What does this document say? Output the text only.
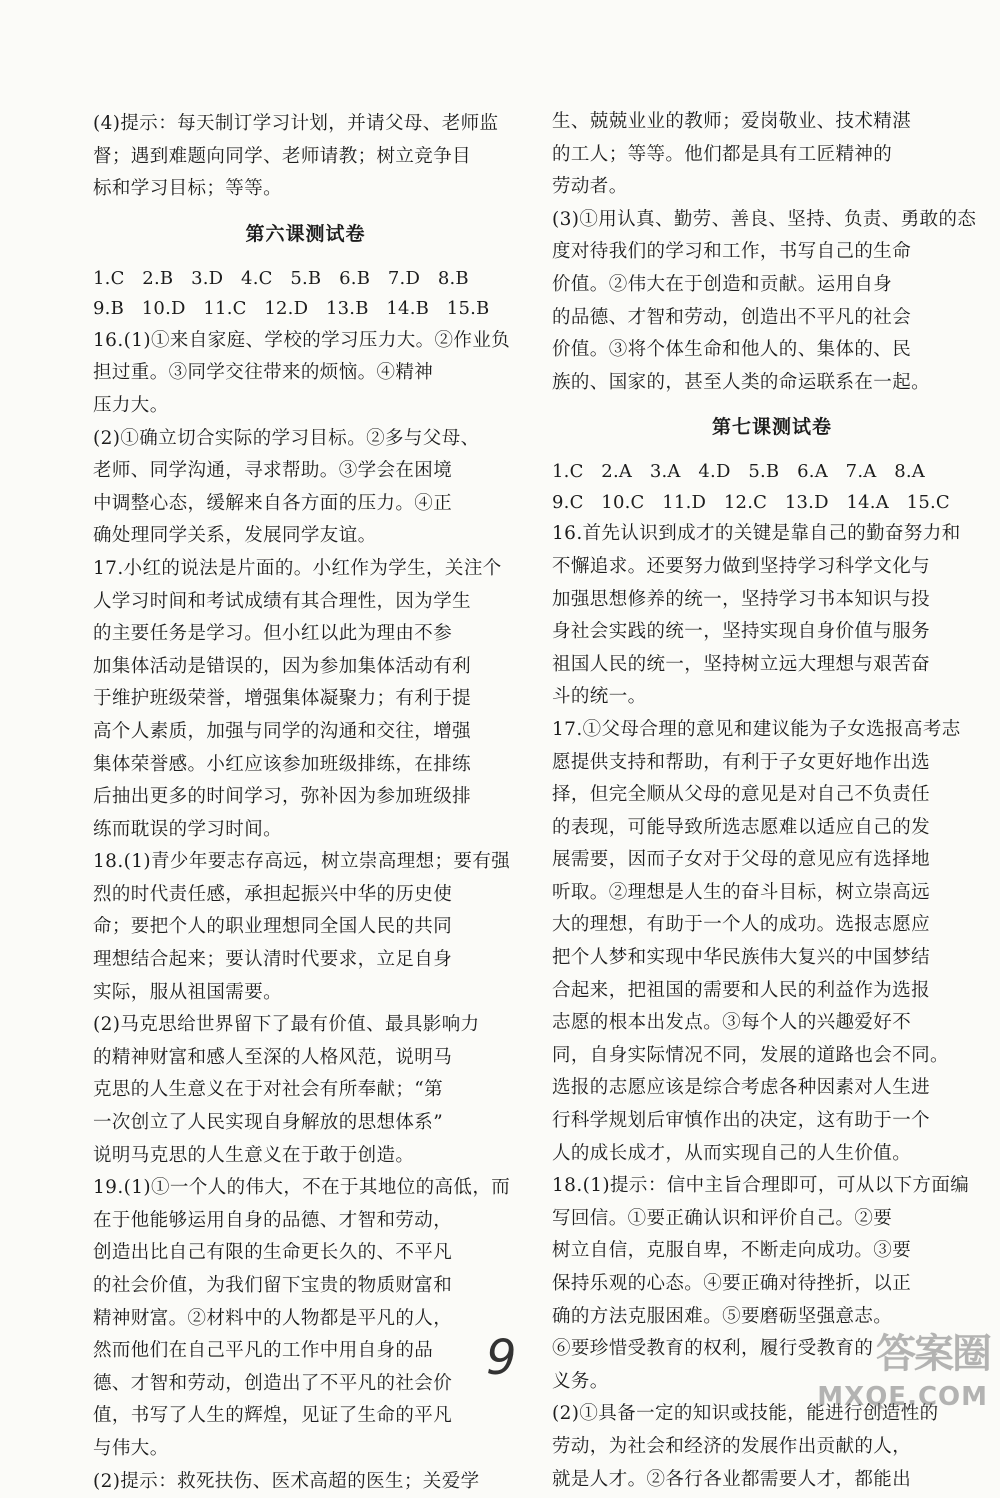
(4)提示：每天制订学习计划，并请父母、老师监
督；遇到难题向同学、老师请教；树立竞争目
标和学习目标；等等。

第六课测试卷

1.C   2.B   3.D   4.C   5.B   6.B   7.D   8.B

9.B   10.D   11.C   12.D   13.B   14.B   15.B

16.(1)①来自家庭、学校的学习压力大。②作业负
担过重。③同学交往带来的烦恼。④精神
压力大。

(2)①确立切合实际的学习目标。②多与父母、
老师、同学沟通，寻求帮助。③学会在困境
中调整心态，缓解来自各方面的压力。④正
确处理同学关系，发展同学友谊。

17.小红的说法是片面的。小红作为学生，关注个
人学习时间和考试成绩有其合理性，因为学生
的主要任务是学习。但小红以此为理由不参
加集体活动是错误的，因为参加集体活动有利
于维护班级荣誉，增强集体凝聚力；有利于提
高个人素质，加强与同学的沟通和交往，增强
集体荣誉感。小红应该参加班级排练，在排练
后抽出更多的时间学习，弥补因为参加班级排
练而耽误的学习时间。

18.(1)青少年要志存高远，树立崇高理想；要有强
烈的时代责任感，承担起振兴中华的历史使
命；要把个人的职业理想同全国人民的共同
理想结合起来；要认清时代要求，立足自身
实际，服从祖国需要。

(2)马克思给世界留下了最有价值、最具影响力
的精神财富和感人至深的人格风范，说明马
克思的人生意义在于对社会有所奉献；“第
一次创立了人民实现自身解放的思想体系”
说明马克思的人生意义在于敢于创造。

19.(1)①一个人的伟大，不在于其地位的高低，而
在于他能够运用自身的品德、才智和劳动，
创造出比自己有限的生命更长久的、不平凡
的社会价值，为我们留下宝贵的物质财富和
精神财富。②材料中的人物都是平凡的人，
然而他们在自己平凡的工作中用自身的品
德、才智和劳动，创造出了不平凡的社会价
值，书写了人生的辉煌，见证了生命的平凡
与伟大。

(2)提示：救死扶伤、医术高超的医生；关爱学

生、兢兢业业的教师；爱岗敬业、技术精湛
的工人；等等。他们都是具有工匠精神的
劳动者。

(3)①用认真、勤劳、善良、坚持、负责、勇敢的态
度对待我们的学习和工作，书写自己的生命
价值。②伟大在于创造和贡献。运用自身
的品德、才智和劳动，创造出不平凡的社会
价值。③将个体生命和他人的、集体的、民
族的、国家的，甚至人类的命运联系在一起。

第七课测试卷

1.C   2.A   3.A   4.D   5.B   6.A   7.A   8.A

9.C   10.C   11.D   12.C   13.D   14.A   15.C

16.首先认识到成才的关键是靠自己的勤奋努力和
不懈追求。还要努力做到坚持学习科学文化与
加强思想修养的统一，坚持学习书本知识与投
身社会实践的统一，坚持实现自身价值与服务
祖国人民的统一，坚持树立远大理想与艰苦奋
斗的统一。

17.①父母合理的意见和建议能为子女选报高考志
愿提供支持和帮助，有利于子女更好地作出选
择，但完全顺从父母的意见是对自己不负责任
的表现，可能导致所选志愿难以适应自己的发
展需要，因而子女对于父母的意见应有选择地
听取。②理想是人生的奋斗目标，树立崇高远
大的理想，有助于一个人的成功。选报志愿应
把个人梦和实现中华民族伟大复兴的中国梦结
合起来，把祖国的需要和人民的利益作为选报
志愿的根本出发点。③每个人的兴趣爱好不
同，自身实际情况不同，发展的道路也会不同。
选报的志愿应该是综合考虑各种因素对人生进
行科学规划后审慎作出的决定，这有助于一个
人的成长成才，从而实现自己的人生价值。

18.(1)提示：信中主旨合理即可，可从以下方面编
写回信。①要正确认识和评价自己。②要
树立自信，克服自卑，不断走向成功。③要
保持乐观的心态。④要正确对待挫折，以正
确的方法克服困难。⑤要磨砺坚强意志。
⑥要珍惜受教育的权利，履行受教育的
义务。

(2)①具备一定的知识或技能，能进行创造性的
劳动，为社会和经济的发展作出贡献的人，
就是人才。②各行各业都需要人才，都能出

9	答案圈
MXQE.COM
